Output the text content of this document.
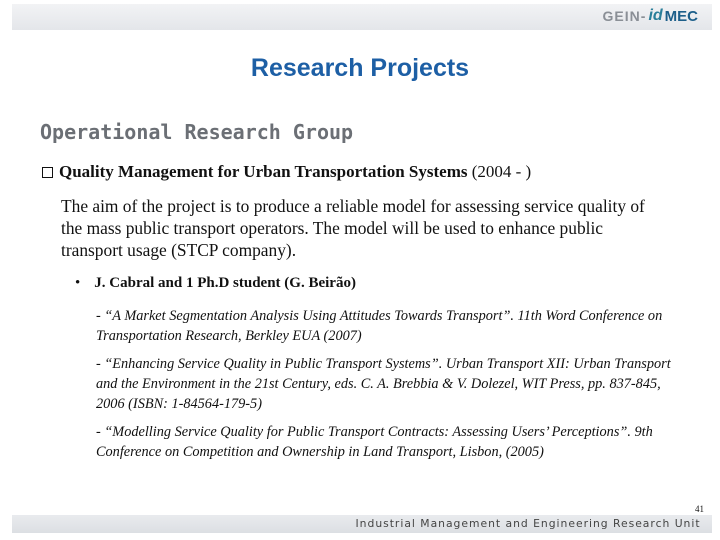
GEIN- id MEC
Research Projects
Operational Research Group
Quality Management for Urban Transportation Systems (2004 - )

The aim of the project is to produce a reliable model for assessing service quality of the mass public transport operators. The model will be used to enhance public transport usage (STCP company).

• J. Cabral and 1 Ph.D student (G. Beirão)

- “A Market Segmentation Analysis Using Attitudes Towards Transport”. 11th Word Conference on Transportation Research, Berkley EUA (2007)

- “Enhancing Service Quality in Public Transport Systems”. Urban Transport XII: Urban Transport and the Environment in the 21st Century, eds. C. A. Brebbia & V. Dolezel, WIT Press, pp. 837-845, 2006 (ISBN: 1-84564-179-5)

- “Modelling Service Quality for Public Transport Contracts: Assessing Users’ Perceptions”. 9th Conference on Competition and Ownership in Land Transport, Lisbon, (2005)

41
Industrial Management and Engineering Research Unit
